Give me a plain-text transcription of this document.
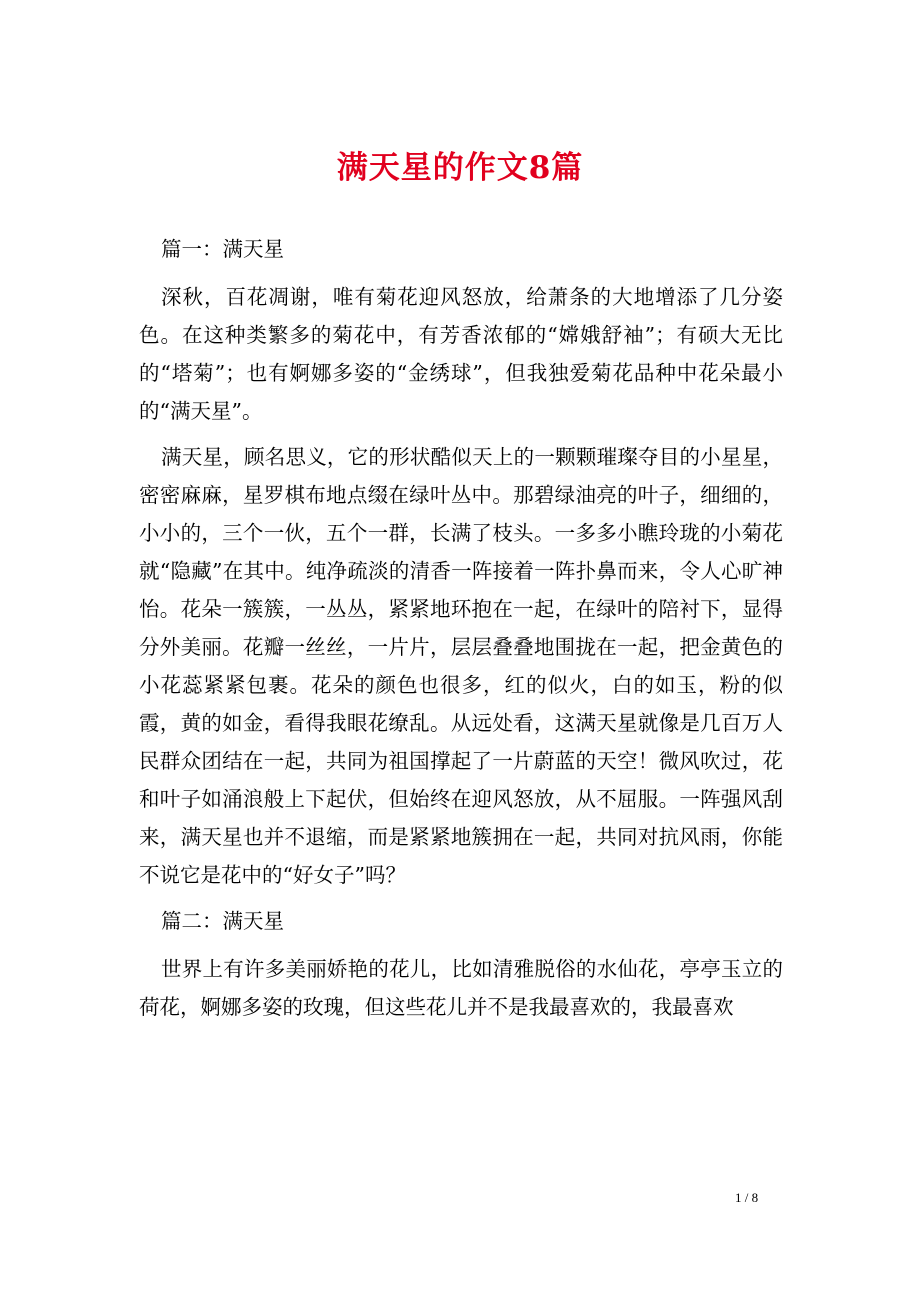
满天星的作文8篇

篇一：满天星

深秋，百花凋谢，唯有菊花迎风怒放，给萧条的大地增添了几分姿色。在这种类繁多的菊花中，有芳香浓郁的“嫦娥舒袖”；有硕大无比的“塔菊”；也有婀娜多姿的“金绣球”，但我独爱菊花品种中花朵最小的“满天星”。

满天星，顾名思义，它的形状酷似天上的一颗颗璀璨夺目的小星星，密密麻麻，星罗棋布地点缀在绿叶丛中。那碧绿油亮的叶子，细细的，小小的，三个一伙，五个一群，长满了枝头。一多多小瞧玲珑的小菊花就“隐藏”在其中。纯净疏淡的清香一阵接着一阵扑鼻而来，令人心旷神怡。花朵一簇簇，一丛丛，紧紧地环抱在一起，在绿叶的陪衬下，显得分外美丽。花瓣一丝丝，一片片，层层叠叠地围拢在一起，把金黄色的小花蕊紧紧包裹。花朵的颜色也很多，红的似火，白的如玉，粉的似霞，黄的如金，看得我眼花缭乱。从远处看，这满天星就像是几百万人民群众团结在一起，共同为祖国撑起了一片蔚蓝的天空！微风吹过，花和叶子如涌浪般上下起伏，但始终在迎风怒放，从不屈服。一阵强风刮来，满天星也并不退缩，而是紧紧地簇拥在一起，共同对抗风雨，你能不说它是花中的“好女子”吗？

篇二：满天星

世界上有许多美丽娇艳的花儿，比如清雅脱俗的水仙花，亭亭玉立的荷花，婀娜多姿的玫瑰，但这些花儿并不是我最喜欢的，我最喜欢

1 / 8
